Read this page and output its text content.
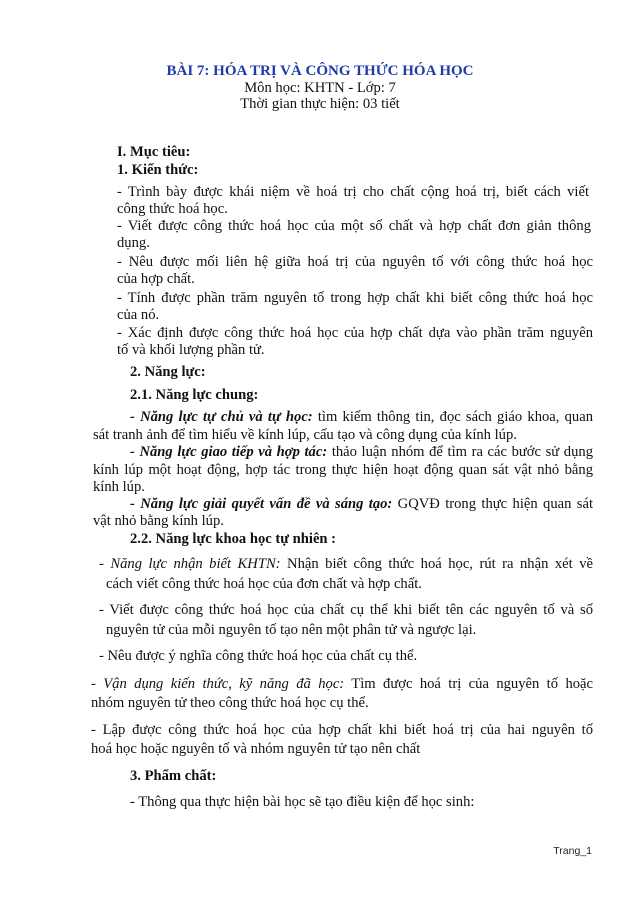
BÀI 7: HÓA TRỊ VÀ CÔNG THỨC HÓA HỌC
Môn học: KHTN - Lớp: 7
Thời gian thực hiện: 03 tiết
I. Mục tiêu:
1. Kiến thức:
- Trình bày được khái niệm về hoá trị cho chất cộng hoá trị, biết cách viết
công thức hoá học.
- Viết được công thức hoá học của một số chất và hợp chất đơn giản thông
dụng.
- Nêu được mối liên hệ giữa hoá trị của nguyên tố với công thức hoá học
của hợp chất.
- Tính được phần trăm nguyên tố trong hợp chất khi biết công thức hoá học
của nó.
- Xác định được công thức hoá học của hợp chất dựa vào phần trăm nguyên
tố và khối lượng phần tử.
2. Năng lực:
2.1. Năng lực chung:
- Năng lực tự chủ và tự học: tìm kiếm thông tin, đọc sách giáo khoa, quan
sát tranh ảnh để tìm hiểu về kính lúp, cấu tạo và công dụng của kính lúp.
- Năng lực giao tiếp và hợp tác: thảo luận nhóm để tìm ra các bước sử dụng
kính lúp một hoạt động, hợp tác trong thực hiện hoạt động quan sát vật nhỏ bằng
kính lúp.
- Năng lực giải quyết vấn đề và sáng tạo: GQVĐ trong thực hiện quan sát
vật nhỏ bằng kính lúp.
2.2. Năng lực khoa học tự nhiên :
- Năng lực nhận biết KHTN: Nhận biết công thức hoá học, rút ra nhận xét về
cách viết công thức hoá học của đơn chất và hợp chất.
- Viết được công thức hoá học của chất cụ thể khi biết tên các nguyên tố và số
nguyên tử của mỗi nguyên tố tạo nên một phân tử và ngược lại.
- Nêu được ý nghĩa công thức hoá học của chất cụ thể.
- Vận dụng kiến thức, kỹ năng đã học: Tìm được hoá trị của nguyên tố hoặc
nhóm nguyên tử theo công thức hoá học cụ thể.
- Lập được công thức hoá học của hợp chất khi biết hoá trị của hai nguyên tố
hoá học hoặc nguyên tố và nhóm nguyên tử tạo nên chất
3. Phẩm chất:
- Thông qua thực hiện bài học sẽ tạo điều kiện để học sinh:
Trang_1
